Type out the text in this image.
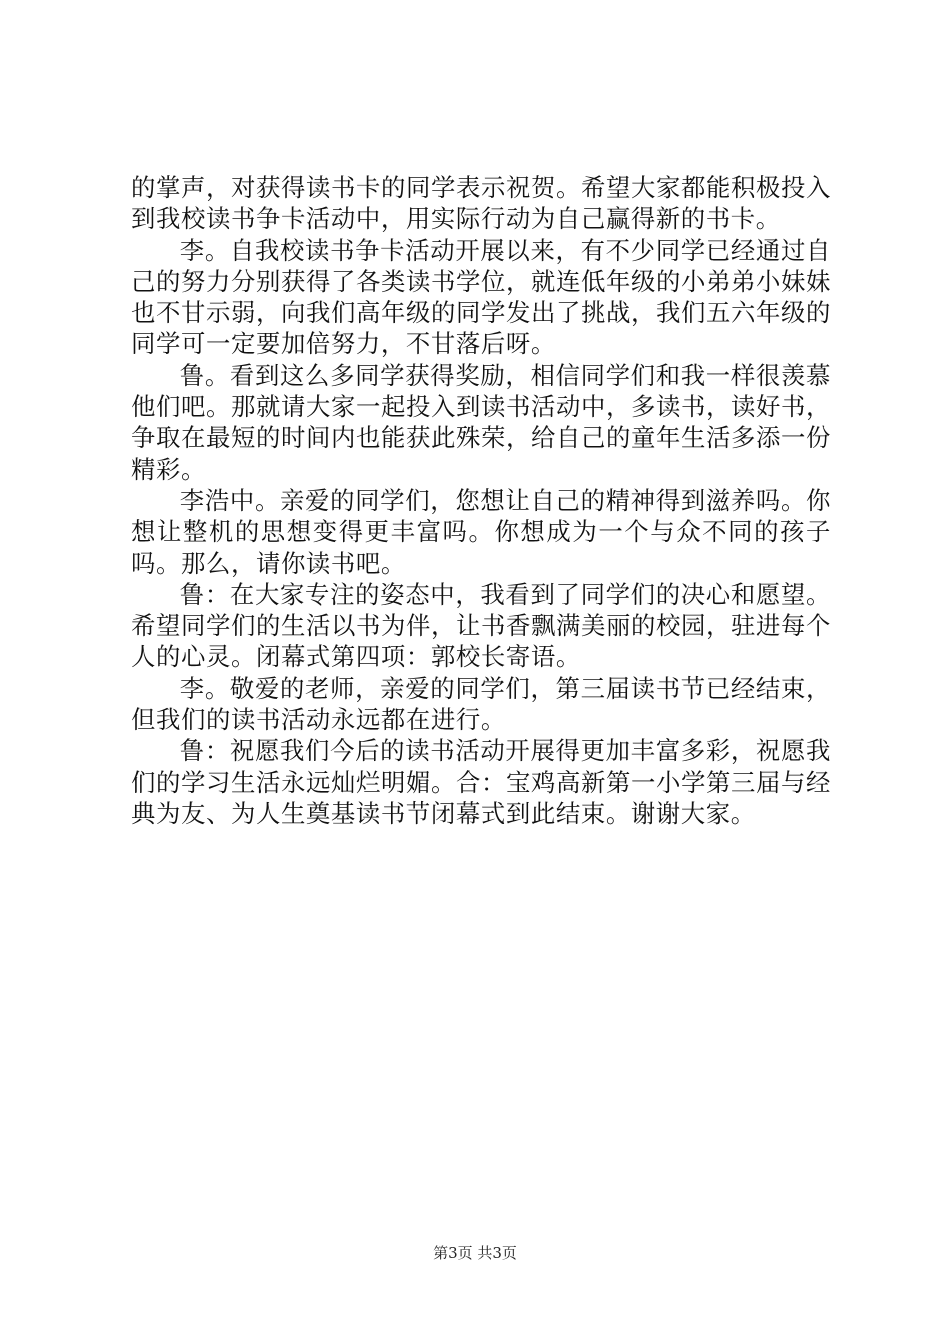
的掌声，对获得读书卡的同学表示祝贺。希望大家都能积极投入到我校读书争卡活动中，用实际行动为自己赢得新的书卡。

李。自我校读书争卡活动开展以来，有不少同学已经通过自己的努力分别获得了各类读书学位，就连低年级的小弟弟小妹妹也不甘示弱，向我们高年级的同学发出了挑战，我们五六年级的同学可一定要加倍努力，不甘落后呀。

鲁。看到这么多同学获得奖励，相信同学们和我一样很羡慕他们吧。那就请大家一起投入到读书活动中，多读书，读好书，争取在最短的时间内也能获此殊荣，给自己的童年生活多添一份精彩。

李浩中。亲爱的同学们，您想让自己的精神得到滋养吗。你想让整机的思想变得更丰富吗。你想成为一个与众不同的孩子吗。那么，请你读书吧。

鲁：在大家专注的姿态中，我看到了同学们的决心和愿望。希望同学们的生活以书为伴，让书香飘满美丽的校园，驻进每个人的心灵。闭幕式第四项：郭校长寄语。

李。敬爱的老师，亲爱的同学们，第三届读书节已经结束，但我们的读书活动永远都在进行。

鲁：祝愿我们今后的读书活动开展得更加丰富多彩，祝愿我们的学习生活永远灿烂明媚。合：宝鸡高新第一小学第三届与经典为友、为人生奠基读书节闭幕式到此结束。谢谢大家。

第3页 共3页
